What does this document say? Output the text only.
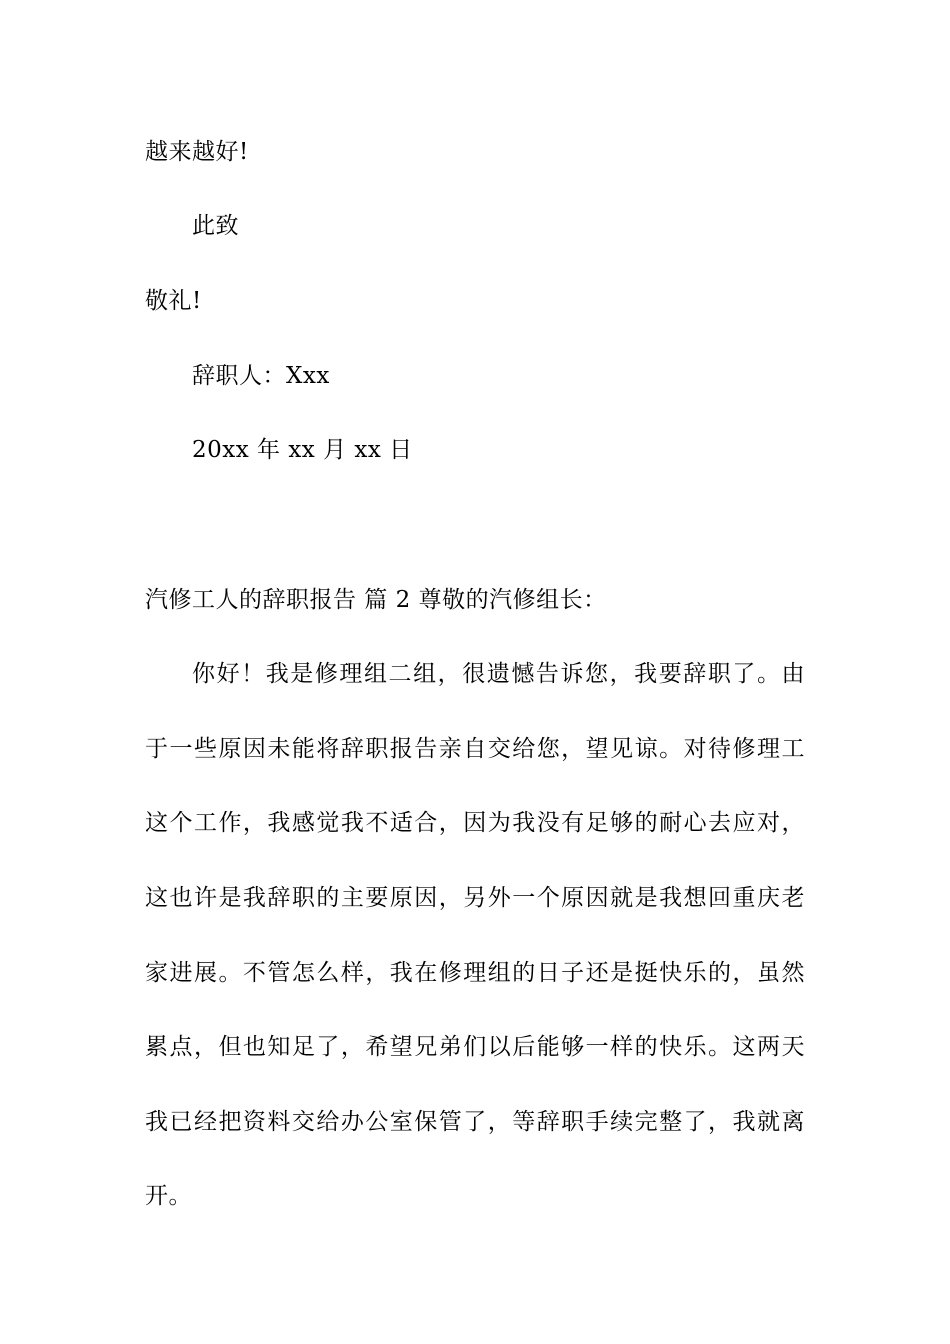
越来越好!
此致
敬礼!
辞职人：Xxx
20xx 年 xx 月 xx 日
汽修工人的辞职报告 篇 2 尊敬的汽修组长：
你好！我是修理组二组，很遗憾告诉您，我要辞职了。由
于一些原因未能将辞职报告亲自交给您，望见谅。对待修理工
这个工作，我感觉我不适合，因为我没有足够的耐心去应对，
这也许是我辞职的主要原因，另外一个原因就是我想回重庆老
家进展。不管怎么样，我在修理组的日子还是挺快乐的，虽然
累点，但也知足了，希望兄弟们以后能够一样的快乐。这两天
我已经把资料交给办公室保管了，等辞职手续完整了，我就离
开。
